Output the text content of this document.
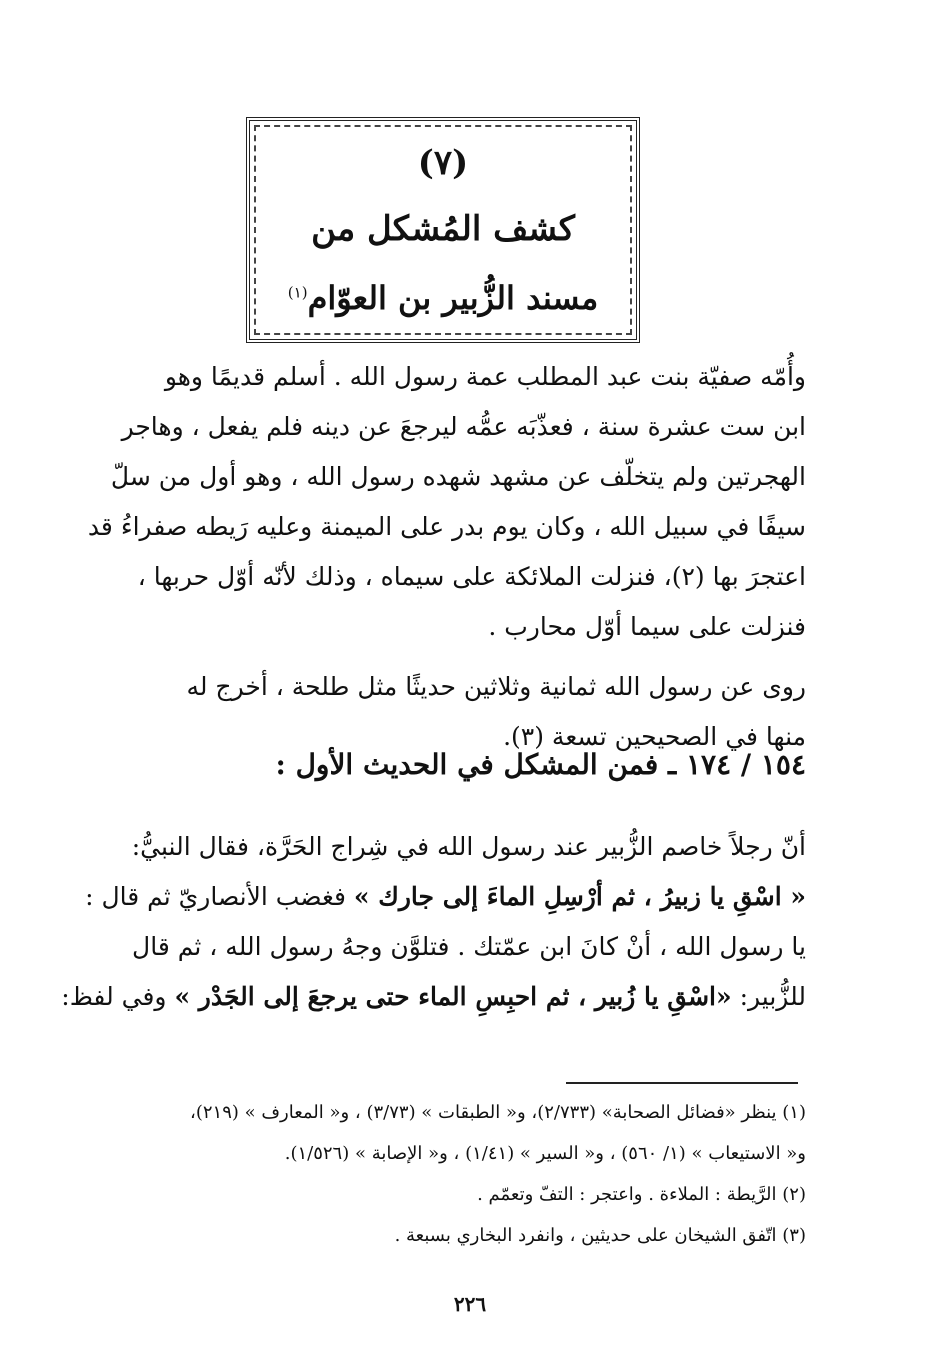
(٧)
كشف المُشكل من
مسند الزُّبير بن العوّام$^{(١)}$
وأُمّه صفيّة بنت عبد المطلب عمة رسول الله . أسلم قديمًا وهو
ابن ست عشرة سنة ، فعذّبَه عمُّه ليرجعَ عن دينه فلم يفعل ، وهاجر
الهجرتين ولم يتخلّف عن مشهد شهده رسول الله ، وهو أول من سلّ
سيفًا في سبيل الله ، وكان يوم بدر على الميمنة وعليه رَيطه صفراءُ قد
اعتجرَ بها (٢)، فنزلت الملائكة على سيماه ، وذلك لأنّه أوّل حربها ،
فنزلت على سيما أوّل محارب .
روى عن رسول الله ثمانية وثلاثين حديثًا مثل طلحة ، أخرج له
منها في الصحيحين تسعة (٣).
١٥٤ / ١٧٤ ـ فمن المشكل في الحديث الأول :
أنّ رجلاً خاصم الزُّبير عند رسول الله في شِراج الحَرَّة، فقال النبيُّ:
« اسْقِ يا زبيرُ ، ثم أرْسِلِ الماءَ إلى جارك » فغضب الأنصاريّ ثم قال :
يا رسول الله ، أنْ كانَ ابن عمّتك . فتلوَّن وجهُ رسول الله ، ثم قال
للزُّبير: «اسْقِ يا زُبير ، ثم احبِسِ الماء حتى يرجعَ إلى الجَدْر » وفي لفظ:
(١) ينظر «فضائل الصحابة» (٢/٧٣٣)، و« الطبقات » (٣/٧٣) ، و« المعارف » (٢١٩)،
و« الاستيعاب » (١/ ٥٦٠) ، و« السير » (١/٤١) ، و« الإصابة » (١/٥٢٦).
(٢) الرَّيطة : الملاءة . واعتجر : التفّ وتعمّم .
(٣) اتّفق الشيخان على حديثين ، وانفرد البخاري بسبعة .
٢٢٦
